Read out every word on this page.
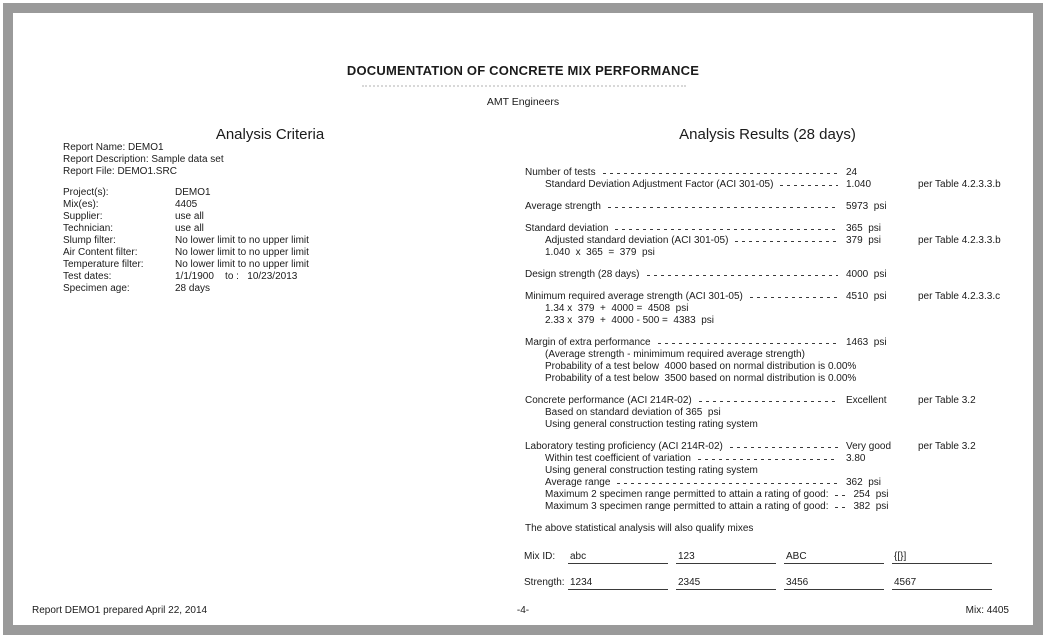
DOCUMENTATION OF CONCRETE MIX PERFORMANCE
AMT Engineers
Analysis Criteria	Analysis Results (28 days)
Report Name: DEMO1
Report Description: Sample data set
Report File: DEMO1.SRC
Project(s):	DEMO1
Mix(es):	4405
Supplier:	use all
Technician:	use all
Slump filter:	No lower limit to no upper limit
Air Content filter:	No lower limit to no upper limit
Temperature filter:	No lower limit to no upper limit
Test dates:	1/1/1900    to :   10/23/2013
Specimen age:	28 days
Number of tests	24
Standard Deviation Adjustment Factor (ACI 301-05)	1.040	per Table 4.2.3.3.b
Average strength	5973  psi
Standard deviation	365  psi
Adjusted standard deviation (ACI 301-05)	379  psi	per Table 4.2.3.3.b
1.040  x  365  =  379  psi
Design strength (28 days)	4000  psi
Minimum required average strength (ACI 301-05)	4510  psi	per Table 4.2.3.3.c
1.34 x  379  +  4000 =  4508  psi
2.33 x  379  +  4000 - 500 =  4383  psi
Margin of extra performance	1463  psi
(Average strength - minimimum required average strength)
Probability of a test below  4000 based on normal distribution is 0.00%
Probability of a test below  3500 based on normal distribution is 0.00%
Concrete performance (ACI 214R-02)	Excellent	per Table 3.2
Based on standard deviation of 365  psi
Using general construction testing rating system
Laboratory testing proficiency (ACI 214R-02)	Very good	per Table 3.2
Within test coefficient of variation	3.80
Using general construction testing rating system
Average range	362  psi
Maximum 2 specimen range permitted to attain a rating of good:	254  psi
Maximum 3 specimen range permitted to attain a rating of good:	382  psi
The above statistical analysis will also qualify mixes
Mix ID:	abc	123	ABC	{[}]
Strength: 1234	2345	3456	4567
Report DEMO1 prepared April 22, 2014	-4-	Mix: 4405
